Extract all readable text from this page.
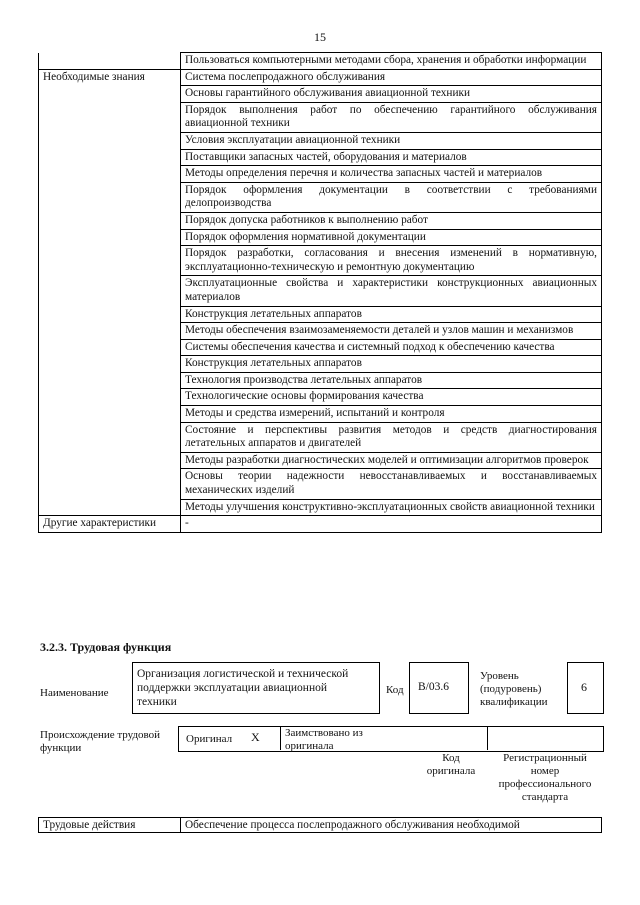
15
	Пользоваться компьютерными методами сбора, хранения и обработки информации
Необходимые знания	Система послепродажного обслуживания
	Основы гарантийного обслуживания авиационной техники
	Порядок выполнения работ по обеспечению гарантийного обслуживания авиационной техники
	Условия эксплуатации авиационной техники
	Поставщики запасных частей, оборудования и материалов
	Методы определения перечня и количества запасных частей и материалов
	Порядок оформления документации в соответствии с требованиями делопроизводства
	Порядок допуска работников к выполнению работ
	Порядок оформления нормативной документации
	Порядок разработки, согласования и внесения изменений в нормативную, эксплуатационно-техническую и ремонтную документацию
	Эксплуатационные свойства и характеристики конструкционных авиационных материалов
	Конструкция летательных аппаратов
	Методы обеспечения взаимозаменяемости деталей и узлов машин и механизмов
	Системы обеспечения качества и системный подход к обеспечению качества
	Конструкция летательных аппаратов
	Технология производства летательных аппаратов
	Технологические основы формирования качества
	Методы и средства измерений, испытаний и контроля
	Состояние и перспективы развития методов и средств диагностирования летательных аппаратов и двигателей
	Методы разработки диагностических моделей и оптимизации алгоритмов проверок
	Основы теории надежности невосстанавливаемых и восстанавливаемых механических изделий
	Методы улучшения конструктивно-эксплуатационных свойств авиационной техники
Другие характеристики	-
3.2.3. Трудовая функция
Наименование
Организация логистической и технической поддержки эксплуатации авиационной техники
Код B/03.6
Уровень (подуровень) квалификации
6
Происхождение трудовой функции
Оригинал X Заимствовано из оригинала
Код оригинала
Регистрационный номер профессионального стандарта
Трудовые действия	Обеспечение процесса послепродажного обслуживания необходимой
